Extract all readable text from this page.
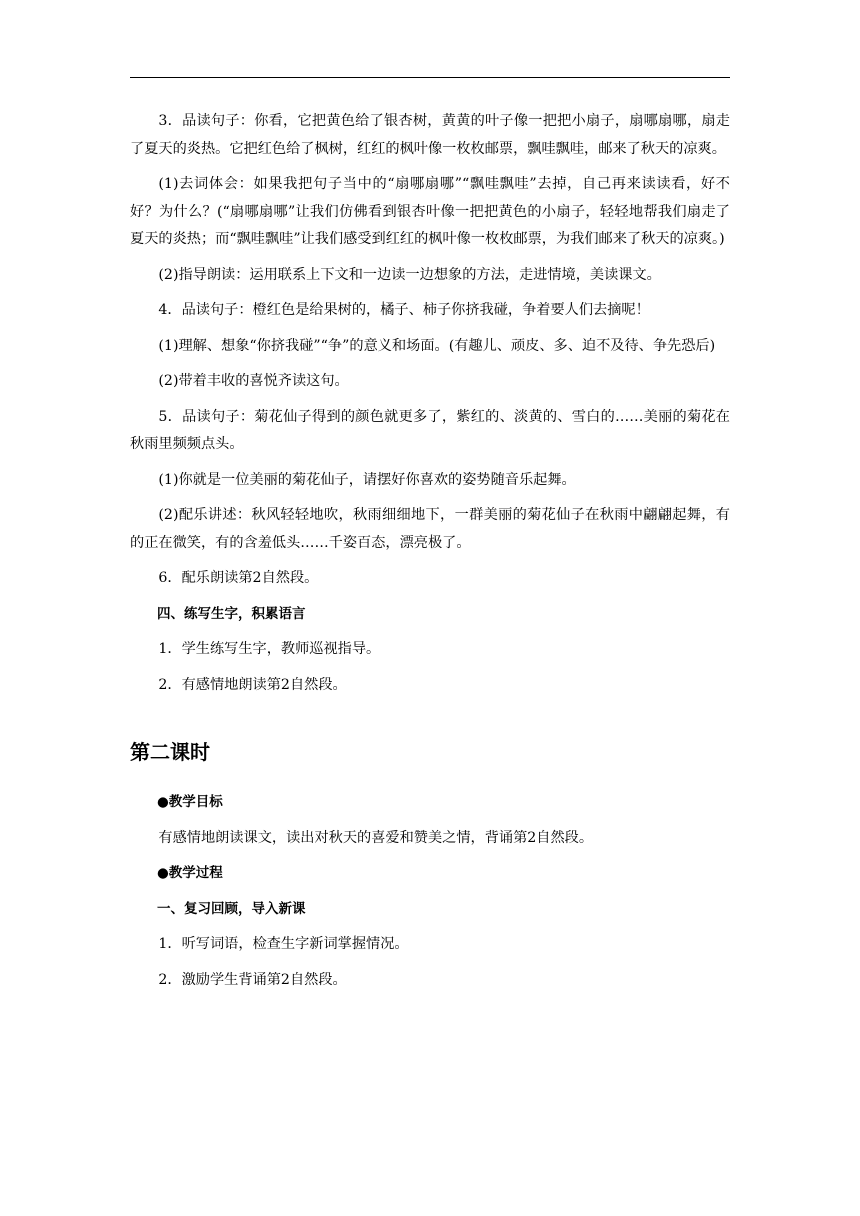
3．品读句子：你看，它把黄色给了银杏树，黄黄的叶子像一把把小扇子，扇哪扇哪，扇走了夏天的炎热。它把红色给了枫树，红红的枫叶像一枚枚邮票，飘哇飘哇，邮来了秋天的凉爽。

(1)去词体会：如果我把句子当中的“扇哪扇哪”“飘哇飘哇”去掉，自己再来读读看，好不好？为什么？(“扇哪扇哪”让我们仿佛看到银杏叶像一把把黄色的小扇子，轻轻地帮我们扇走了夏天的炎热；而“飘哇飘哇”让我们感受到红红的枫叶像一枚枚邮票，为我们邮来了秋天的凉爽。)

(2)指导朗读：运用联系上下文和一边读一边想象的方法，走进情境，美读课文。

4．品读句子：橙红色是给果树的，橘子、柿子你挤我碰，争着要人们去摘呢！

(1)理解、想象“你挤我碰”“争”的意义和场面。(有趣儿、顽皮、多、迫不及待、争先恐后)

(2)带着丰收的喜悦齐读这句。

5．品读句子：菊花仙子得到的颜色就更多了，紫红的、淡黄的、雪白的……美丽的菊花在秋雨里频频点头。

(1)你就是一位美丽的菊花仙子，请摆好你喜欢的姿势随音乐起舞。

(2)配乐讲述：秋风轻轻地吹，秋雨细细地下，一群美丽的菊花仙子在秋雨中翩翩起舞，有的正在微笑，有的含羞低头……千姿百态，漂亮极了。

6．配乐朗读第2自然段。

四、练写生字，积累语言

1．学生练写生字，教师巡视指导。

2．有感情地朗读第2自然段。

第二课时

●教学目标

有感情地朗读课文，读出对秋天的喜爱和赞美之情，背诵第2自然段。

●教学过程

一、复习回顾，导入新课

1．听写词语，检查生字新词掌握情况。

2．激励学生背诵第2自然段。
